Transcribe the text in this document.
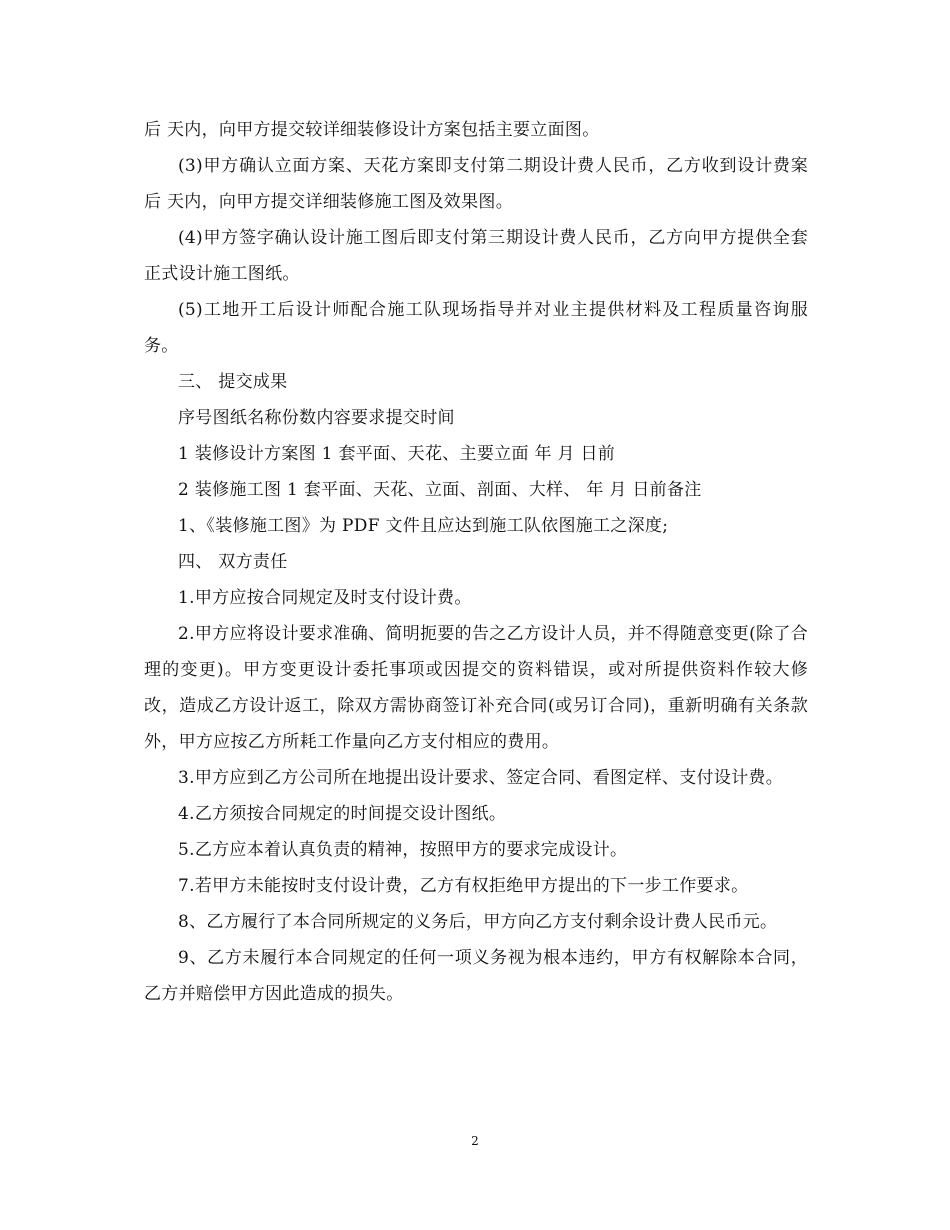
后 天内，向甲方提交较详细装修设计方案包括主要立面图。

(3)甲方确认立面方案、天花方案即支付第二期设计费人民币，乙方收到设计费案后 天内，向甲方提交详细装修施工图及效果图。

(4)甲方签字确认设计施工图后即支付第三期设计费人民币，乙方向甲方提供全套正式设计施工图纸。

(5)工地开工后设计师配合施工队现场指导并对业主提供材料及工程质量咨询服务。

三、 提交成果

序号图纸名称份数内容要求提交时间

1 装修设计方案图 1 套平面、天花、主要立面 年 月 日前

2 装修施工图 1 套平面、天花、立面、剖面、大样、 年 月 日前备注

1、《装修施工图》为 PDF 文件且应达到施工队依图施工之深度;

四、 双方责任

1.甲方应按合同规定及时支付设计费。

2.甲方应将设计要求准确、简明扼要的告之乙方设计人员，并不得随意变更(除了合理的变更)。甲方变更设计委托事项或因提交的资料错误，或对所提供资料作较大修改，造成乙方设计返工，除双方需协商签订补充合同(或另订合同)，重新明确有关条款外，甲方应按乙方所耗工作量向乙方支付相应的费用。

3.甲方应到乙方公司所在地提出设计要求、签定合同、看图定样、支付设计费。

4.乙方须按合同规定的时间提交设计图纸。

5.乙方应本着认真负责的精神，按照甲方的要求完成设计。

7.若甲方未能按时支付设计费，乙方有权拒绝甲方提出的下一步工作要求。

8、乙方履行了本合同所规定的义务后，甲方向乙方支付剩余设计费人民币元。

9、乙方未履行本合同规定的任何一项义务视为根本违约，甲方有权解除本合同，乙方并赔偿甲方因此造成的损失。

2
